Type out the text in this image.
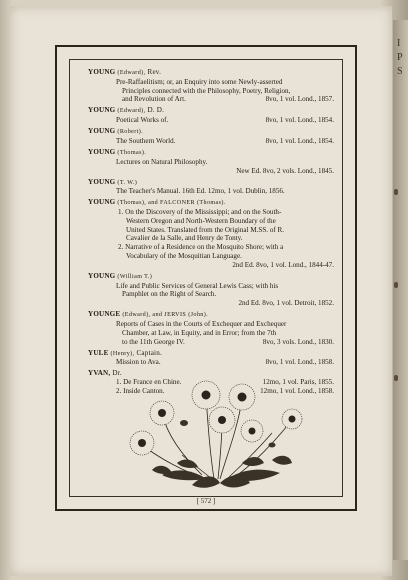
I
P
S
YOUNG (Edward), Rev.
Pre-Raffaelitism; or, an Enquiry into some Newly-asserted
Principles connected with the Philosophy, Poetry, Religion,
and Revolution of Art.	8vo, 1 vol. Lond., 1857.
YOUNG (Edward), D. D.
Poetical Works of.	8vo, 1 vol. Lond., 1854.
YOUNG (Robert).
The Southern World.	8vo, 1 vol. Lond., 1854.
YOUNG (Thomas).
Lectures on Natural Philosophy.
New Ed. 8vo, 2 vols. Lond., 1845.
YOUNG (T. W.)
The Teacher's Manual. 16th Ed. 12mo, 1 vol. Dublin, 1856.
YOUNG (Thomas), and FALCONER (Thomas).
1. On the Discovery of the Mississippi; and on the South-
Western Oregon and North-Western Boundary of the
United States. Translated from the Original M.SS. of R.
Cavalier de la Salle, and Henry de Tonty.
2. Narrative of a Residence on the Mosquito Shore; with a
Vocabulary of the Mosquitian Language.
2nd Ed. 8vo, 1 vol. Lond., 1844-47.
YOUNG (William T.)
Life and Public Services of General Lewis Cass; with his
Pamphlet on the Right of Search.
2nd Ed. 8vo, 1 vol. Detroit, 1852.
YOUNGE (Edward), and JERVIS (John).
Reports of Cases in the Courts of Exchequer and Exchequer
Chamber, at Law, in Equity, and in Error; from the 7th
to the 11th George IV.	8vo, 3 vols. Lond., 1830.
YULE (Henry), Captain.
Mission to Ava.	8vo, 1 vol. Lond., 1858.
YVAN, Dr.
1. De France en Chine.	12mo, 1 vol. Paris, 1855.
2. Inside Canton.	12mo, 1 vol. Lond., 1858.
[ 572 ]
